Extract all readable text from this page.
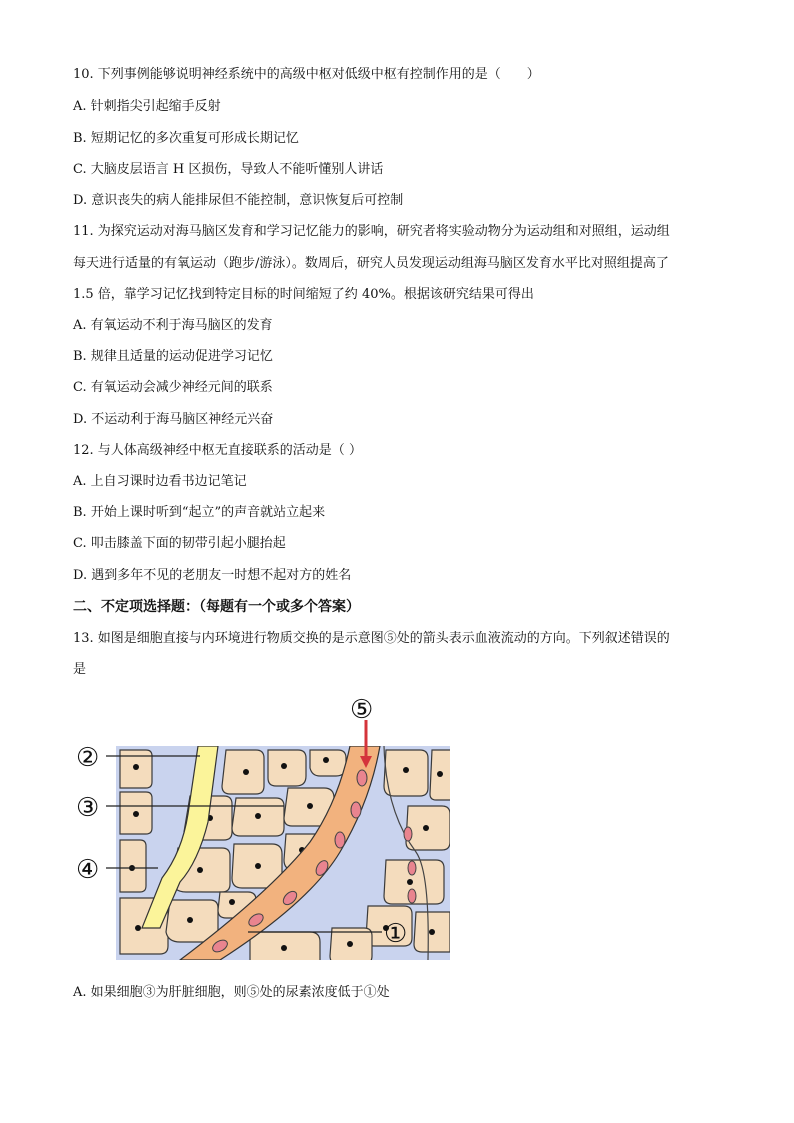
10. 下列事例能够说明神经系统中的高级中枢对低级中枢有控制作用的是（　　）
A. 针刺指尖引起缩手反射
B. 短期记忆的多次重复可形成长期记忆
C. 大脑皮层语言 H 区损伤，导致人不能听懂别人讲话
D. 意识丧失的病人能排尿但不能控制，意识恢复后可控制
11. 为探究运动对海马脑区发育和学习记忆能力的影响，研究者将实验动物分为运动组和对照组，运动组
每天进行适量的有氧运动（跑步/游泳）。数周后，研究人员发现运动组海马脑区发育水平比对照组提高了
1.5 倍，靠学习记忆找到特定目标的时间缩短了约 40%。根据该研究结果可得出
A. 有氧运动不利于海马脑区的发育
B. 规律且适量的运动促进学习记忆
C. 有氧运动会减少神经元间的联系
D. 不运动利于海马脑区神经元兴奋
12. 与人体高级神经中枢无直接联系的活动是（ ）
A. 上自习课时边看书边记笔记
B. 开始上课时听到“起立”的声音就站立起来
C. 叩击膝盖下面的韧带引起小腿抬起
D. 遇到多年不见的老朋友一时想不起对方的姓名
二、不定项选择题：（每题有一个或多个答案）
13. 如图是细胞直接与内环境进行物质交换的是示意图⑤处的箭头表示血液流动的方向。下列叙述错误的
是
②
③
④
①
⑤
A. 如果细胞③为肝脏细胞，则⑤处的尿素浓度低于①处
